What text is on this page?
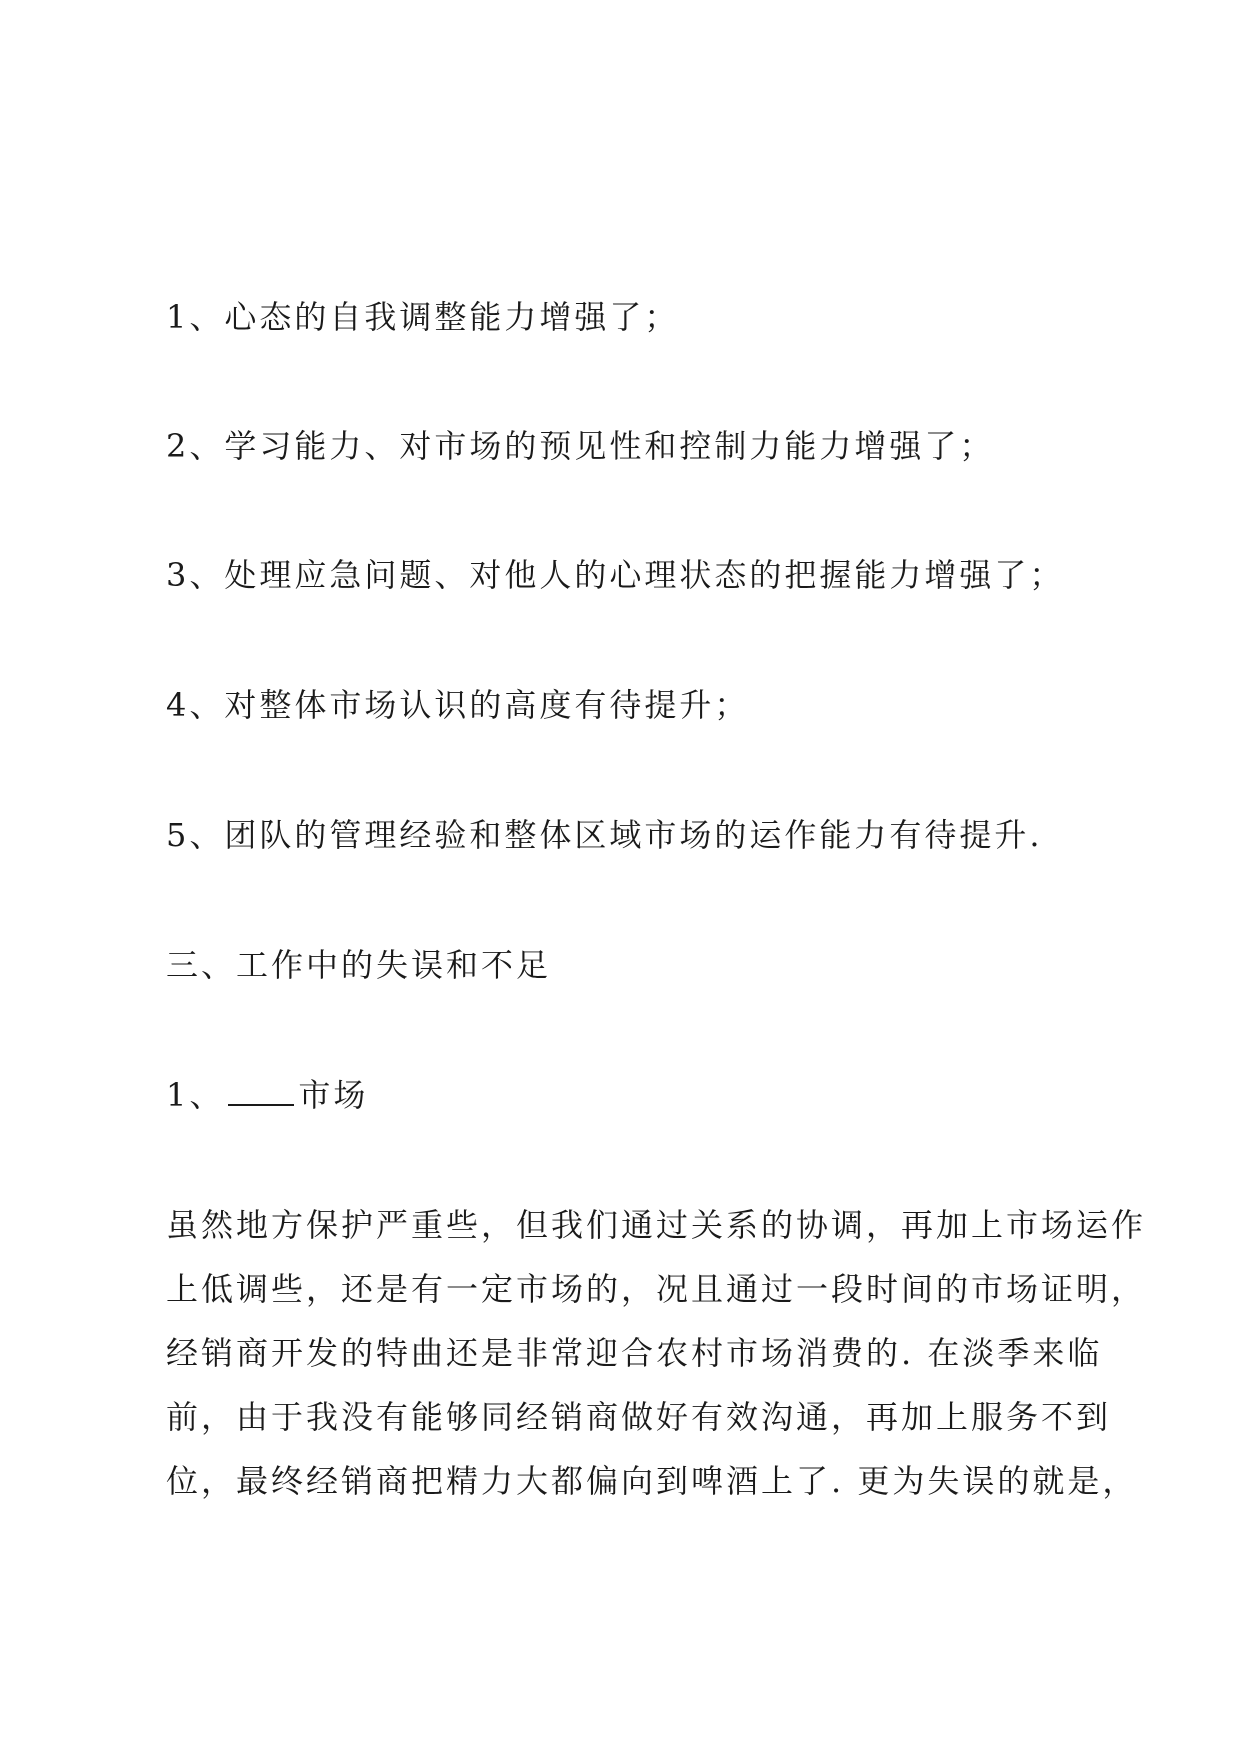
1、心态的自我调整能力增强了；
2、学习能力、对市场的预见性和控制力能力增强了；
3、处理应急问题、对他人的心理状态的把握能力增强了；
4、对整体市场认识的高度有待提升；
5、团队的管理经验和整体区域市场的运作能力有待提升.
三、工作中的失误和不足
1、 市场
虽然地方保护严重些，但我们通过关系的协调，再加上市场运作
上低调些，还是有一定市场的，况且通过一段时间的市场证明，
经销商开发的特曲还是非常迎合农村市场消费的. 在淡季来临
前，由于我没有能够同经销商做好有效沟通，再加上服务不到
位，最终经销商把精力大都偏向到啤酒上了. 更为失误的就是，
